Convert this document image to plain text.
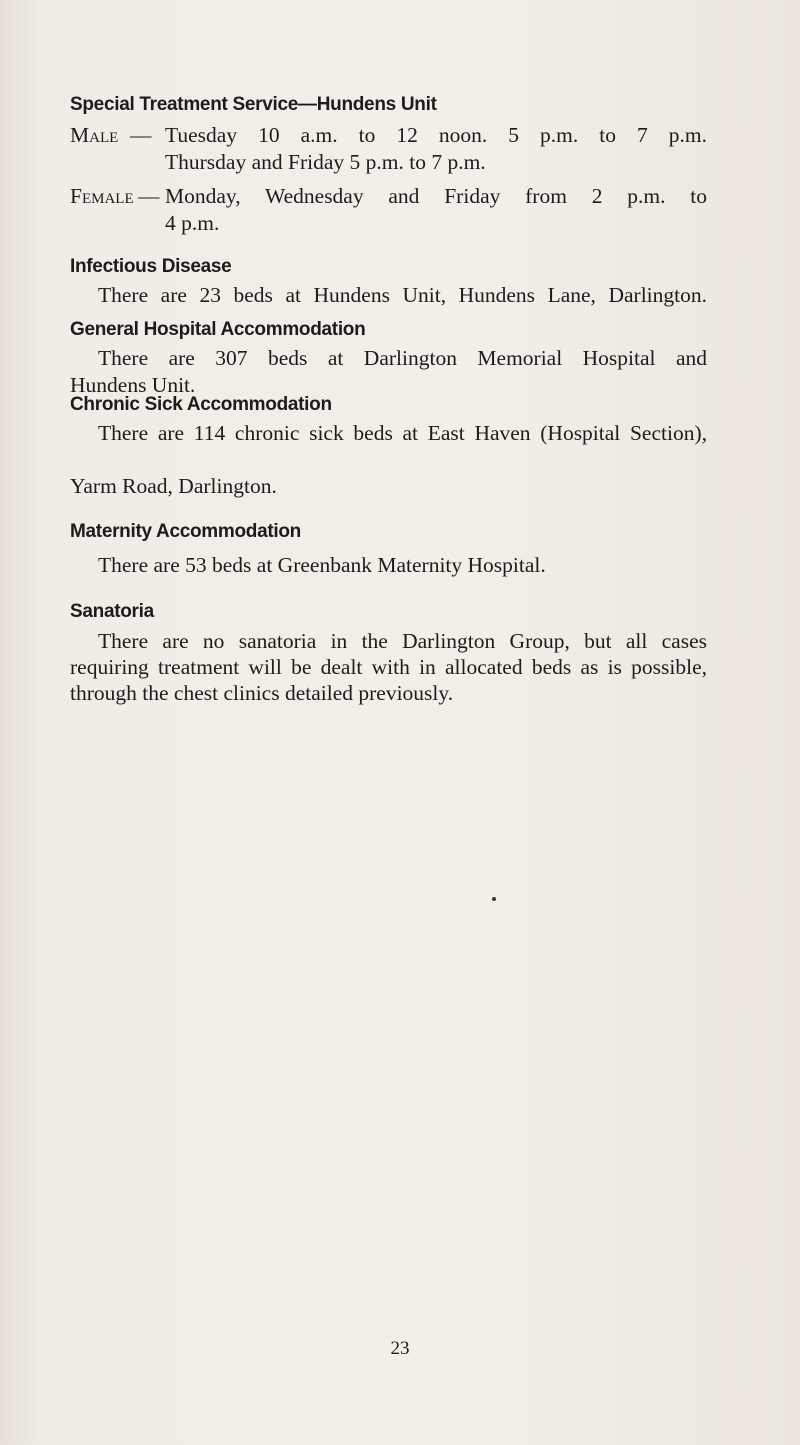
Special Treatment Service—Hundens Unit
Male — Tuesday 10 a.m. to 12 noon. 5 p.m. to 7 p.m.
Thursday and Friday 5 p.m. to 7 p.m.
Female — Monday, Wednesday and Friday from 2 p.m. to
4 p.m.
Infectious Disease
There are 23 beds at Hundens Unit, Hundens Lane, Darlington.
General Hospital Accommodation
There are 307 beds at Darlington Memorial Hospital and
Hundens Unit.
Chronic Sick Accommodation
There are 114 chronic sick beds at East Haven (Hospital Section),
Yarm Road, Darlington.
Maternity Accommodation
There are 53 beds at Greenbank Maternity Hospital.
Sanatoria
There are no sanatoria in the Darlington Group, but all cases
requiring treatment will be dealt with in allocated beds as is possible,
through the chest clinics detailed previously.
23
